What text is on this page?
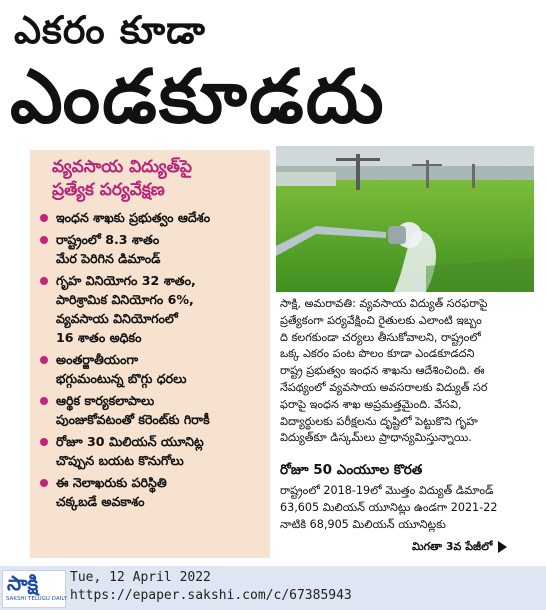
ఎకరం కూడా
ఎండకూడదు
వ్యవసాయ విద్యుత్‌పై
ప్రత్యేక పర్యవేక్షణ
ఇంధన శాఖకు ప్రభుత్వం ఆదేశం
రాష్ట్రంలో 8.3 శాతం
మేర పెరిగిన డిమాండ్
గృహ వినియోగం 32 శాతం,
పారిశ్రామిక వినియోగం 6%,
వ్యవసాయ వినియోగంలో
16 శాతం అధికం
అంతర్జాతీయంగా
భగ్గుమంటున్న బొగ్గు ధరలు
ఆర్థిక కార్యకలాపాలు
పుంజుకోవటంతో కరెంట్‌కు గిరాకీ
రోజూ 30 మిలియన్‌ యూనిట్ల
చొప్పున బయట కొనుగోలు
ఈ నెలాఖరుకు పరిస్థితి
చక్కబడే అవకాశం
సాక్షి, అమరావతి: వ్యవసాయ విద్యుత్‌ సరఫరాపై
ప్రత్యేకంగా పర్యవేక్షించి రైతులకు ఎలాంటి ఇబ్బం
ది కలగకుండా చర్యలు తీసుకోవాలని, రాష్ట్రంలో
ఒక్క ఎకరం పంట పొలం కూడా ఎండకూడదని
రాష్ట్ర ప్రభుత్వం ఇంధన శాఖను ఆదేశించింది. ఈ
నేపథ్యంలో వ్యవసాయ అవసరాలకు విద్యుత్‌ సర
ఫరాపై ఇంధన శాఖ అప్రమత్తమైంది. వేసవి,
విద్యార్థులకు పరీక్షలను దృష్టిలో పెట్టుకొని గృహ
విద్యుత్‌కూ డిస్కమ్‌లు ప్రాధాన్యమిస్తున్నాయి.
రోజూ 50 ఎంయూల కొరత
రాష్ట్రంలో 2018-19లో మొత్తం విద్యుత్‌ డిమాండ్‌
63,605 మిలియన్‌ యూనిట్లు ఉండగా 2021-22
నాటికి 68,905 మిలియన్‌ యూనిట్లకు
మిగతా 3వ పేజీలో
సాక్షి
SAKSHI TELUGU DAILY
Tue, 12 April 2022
https://epaper.sakshi.com/c/67385943
